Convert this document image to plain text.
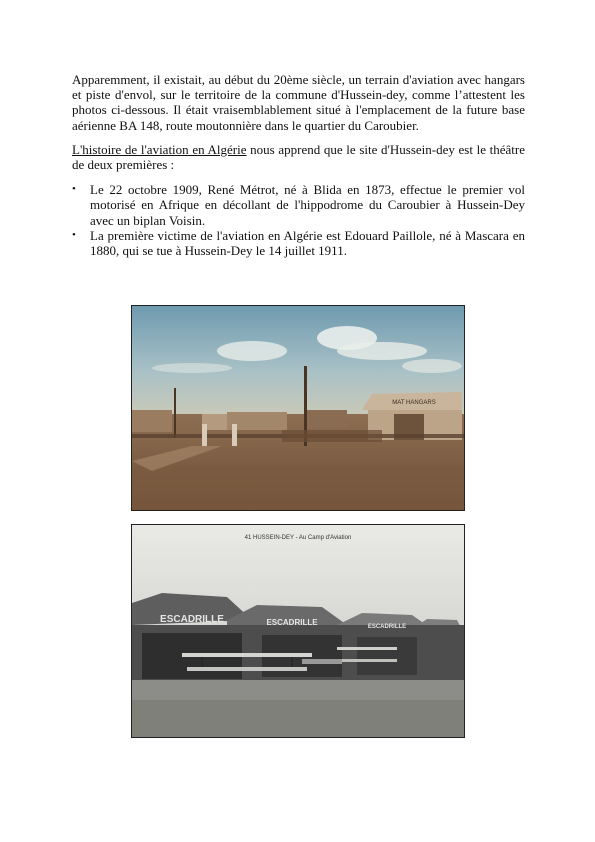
Apparemment, il existait, au début du 20ème siècle, un terrain d'aviation avec hangars et piste d'envol, sur le territoire de la commune d'Hussein-dey, comme l’attestent les photos ci-dessous. Il était vraisemblablement situé à l'emplacement de la future base aérienne BA 148, route moutonnière dans le quartier du Caroubier.

L'histoire de l'aviation en Algérie nous apprend que le site d'Hussein-dey est le théâtre de deux premières :

• Le 22 octobre 1909, René Métrot, né à Blida en 1873, effectue le premier vol motorisé en Afrique en décollant de l'hippodrome du Caroubier à Hussein-Dey avec un biplan Voisin.
• La première victime de l'aviation en Algérie est Edouard Paillole, né à Mascara en 1880, qui se tue à Hussein-Dey le 14 juillet 1911.
MAT HANGARS
41 HUSSEIN-DEY - Au Camp d'Aviation
ESCADRILLE	ESCADRILLE	ESCADRILLE
